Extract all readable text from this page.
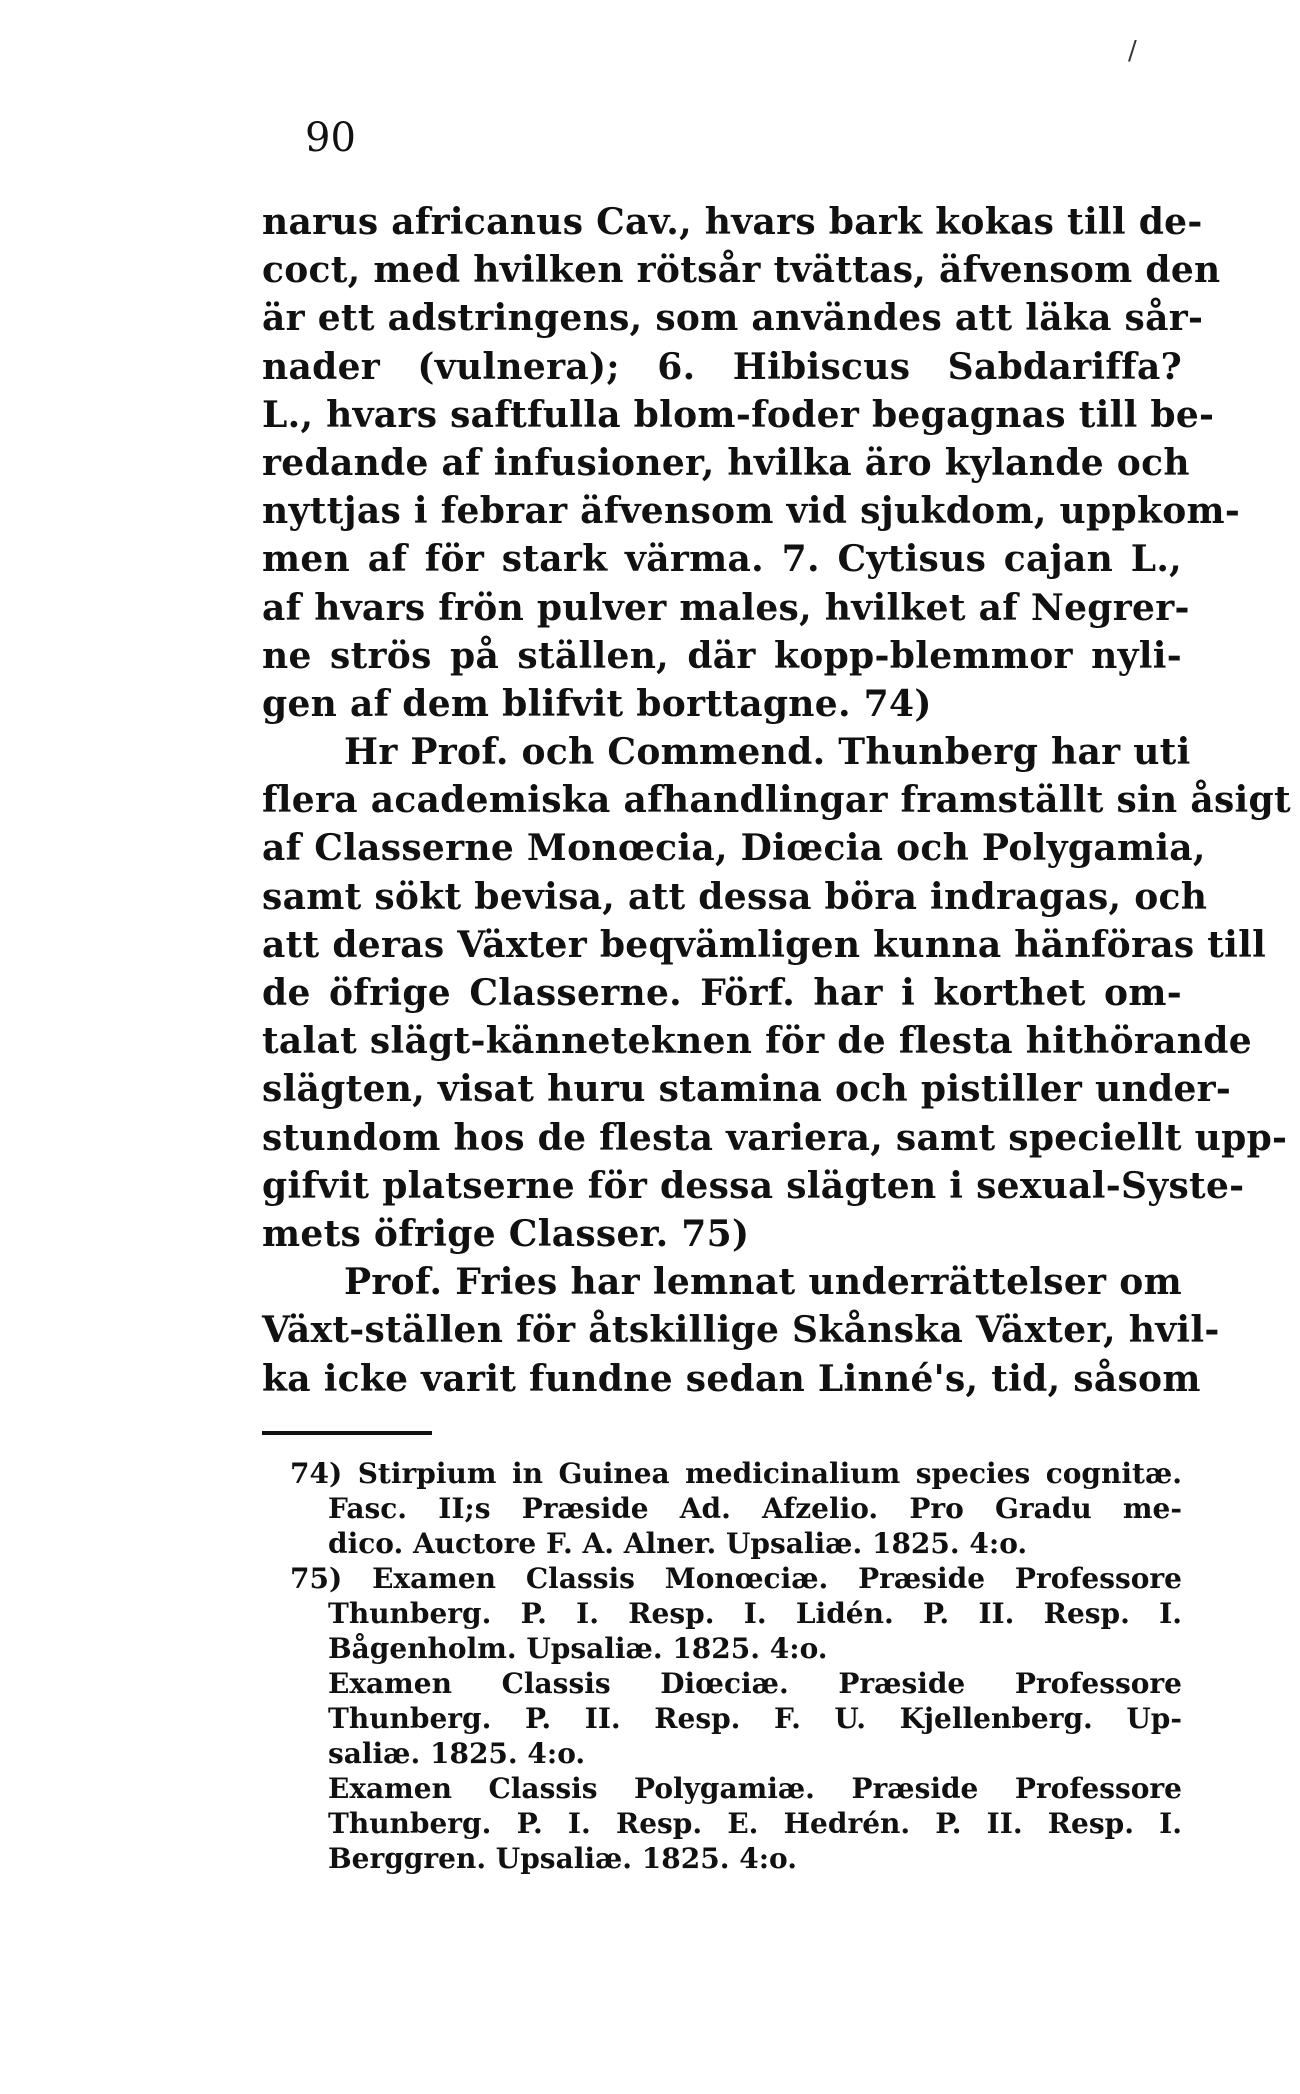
90
/
narus africanus Cav., hvars bark kokas till de-
coct, med hvilken rötsår tvättas, äfvensom den
är ett adstringens, som användes att läka sår-
nader (vulnera); 6. Hibiscus Sabdariffa?
L., hvars saftfulla blom-foder begagnas till be-
redande af infusioner, hvilka äro kylande och
nyttjas i febrar äfvensom vid sjukdom, uppkom-
men af för stark värma. 7. Cytisus cajan L.,
af hvars frön pulver males, hvilket af Negrer-
ne strös på ställen, där kopp-blemmor nyli-
gen af dem blifvit borttagne. 74)
Hr Prof. och Commend. Thunberg har uti
flera academiska afhandlingar framställt sin åsigt
af Classerne Monœcia, Diœcia och Polygamia,
samt sökt bevisa, att dessa böra indragas, och
att deras Växter beqvämligen kunna hänföras till
de öfrige Classerne. Förf. har i korthet om-
talat slägt-känneteknen för de flesta hithörande
slägten, visat huru stamina och pistiller under-
stundom hos de flesta variera, samt speciellt upp-
gifvit platserne för dessa slägten i sexual-Syste-
mets öfrige Classer. 75)
Prof. Fries har lemnat underrättelser om
Växt-ställen för åtskillige Skånska Växter, hvil-
ka icke varit fundne sedan Linné's, tid, såsom
74) Stirpium in Guinea medicinalium species cognitæ.
Fasc. II;s Præside Ad. Afzelio. Pro Gradu me-
dico. Auctore F. A. Alner. Upsaliæ. 1825. 4:o.
75) Examen Classis Monœciæ. Præside Professore
Thunberg. P. I. Resp. I. Lidén. P. II. Resp. I.
Bågenholm. Upsaliæ. 1825. 4:o.
Examen Classis Diœciæ. Præside Professore
Thunberg. P. II. Resp. F. U. Kjellenberg. Up-
saliæ. 1825. 4:o.
Examen Classis Polygamiæ. Præside Professore
Thunberg. P. I. Resp. E. Hedrén. P. II. Resp. I.
Berggren. Upsaliæ. 1825. 4:o.
